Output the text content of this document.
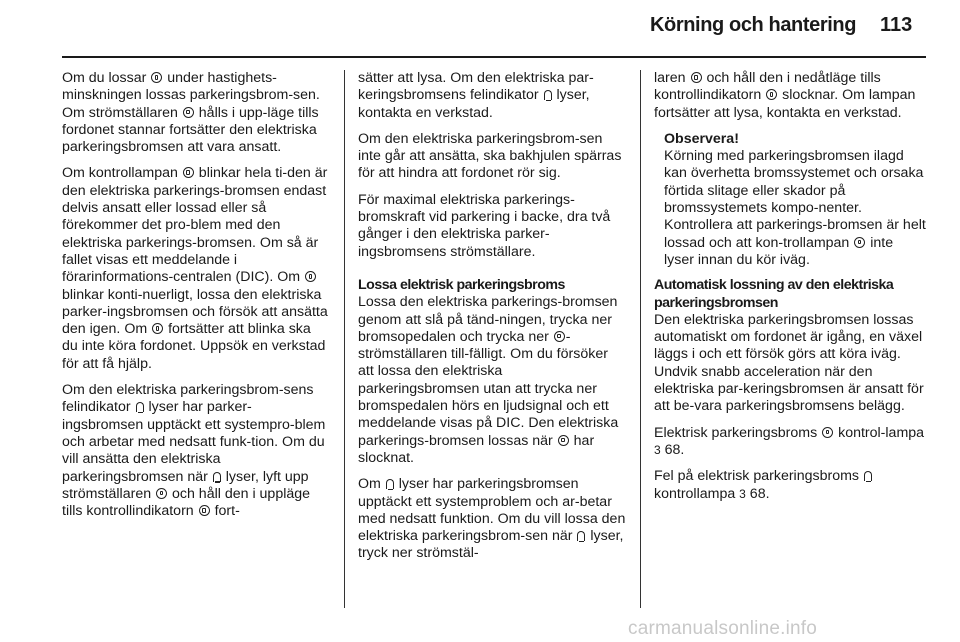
Körning och hantering 113

Om du lossar  under hastighets-minskningen lossas parkeringsbrom-sen. Om strömställaren  hålls i upp-läge tills fordonet stannar fortsätter den elektriska parkeringsbromsen att vara ansatt.

Om kontrollampan  blinkar hela ti-den är den elektriska parkerings-bromsen endast delvis ansatt eller lossad eller så förekommer det pro-blem med den elektriska parkerings-bromsen. Om så är fallet visas ett meddelande i förarinformations-centralen (DIC). Om  blinkar konti-nuerligt, lossa den elektriska parker-ingsbromsen och försök att ansätta den igen. Om  fortsätter att blinka ska du inte köra fordonet. Uppsök en verkstad för att få hjälp.

Om den elektriska parkeringsbrom-sens felindikator  lyser har parker-ingsbromsen upptäckt ett systempro-blem och arbetar med nedsatt funk-tion. Om du vill ansätta den elektriska parkeringsbromsen när  lyser, lyft upp strömställaren  och håll den i uppläge tills kontrollindikatorn  fort-

sätter att lysa. Om den elektriska par-keringsbromsens felindikator  lyser, kontakta en verkstad.

Om den elektriska parkeringsbrom-sen inte går att ansätta, ska bakhjulen spärras för att hindra att fordonet rör sig.

För maximal elektriska parkerings-bromskraft vid parkering i backe, dra två gånger i den elektriska parker-ingsbromsens strömställare.

Lossa elektrisk parkeringsbroms

Lossa den elektriska parkerings-bromsen genom att slå på tänd-ningen, trycka ner bromsopedalen och trycka ner -strömställaren till-fälligt. Om du försöker att lossa den elektriska parkeringsbromsen utan att trycka ner bromspedalen hörs en ljudsignal och ett meddelande visas på DIC. Den elektriska parkerings-bromsen lossas när  har slocknat.

Om  lyser har parkeringsbromsen upptäckt ett systemproblem och ar-betar med nedsatt funktion. Om du vill lossa den elektriska parkeringsbrom-sen när  lyser, tryck ner strömstäl-

laren  och håll den i nedåtläge tills kontrollindikatorn  slocknar. Om lampan fortsätter att lysa, kontakta en verkstad.

Observera!
Körning med parkeringsbromsen ilagd kan överhetta bromssystemet och orsaka förtida slitage eller skador på bromssystemets kompo-nenter. Kontrollera att parkerings-bromsen är helt lossad och att kon-trollampan  inte lyser innan du kör iväg.
Automatisk lossning av den elektriska parkeringsbromsen

Den elektriska parkeringsbromsen lossas automatiskt om fordonet är igång, en växel läggs i och ett försök görs att köra iväg. Undvik snabb acceleration när den elektriska par-keringsbromsen är ansatt för att be-vara parkeringsbromsens belägg.

Elektrisk parkeringsbroms  kontrol-lampa 3 68.

Fel på elektrisk parkeringsbroms  kontrollampa 3 68.

carmanualsonline.info
